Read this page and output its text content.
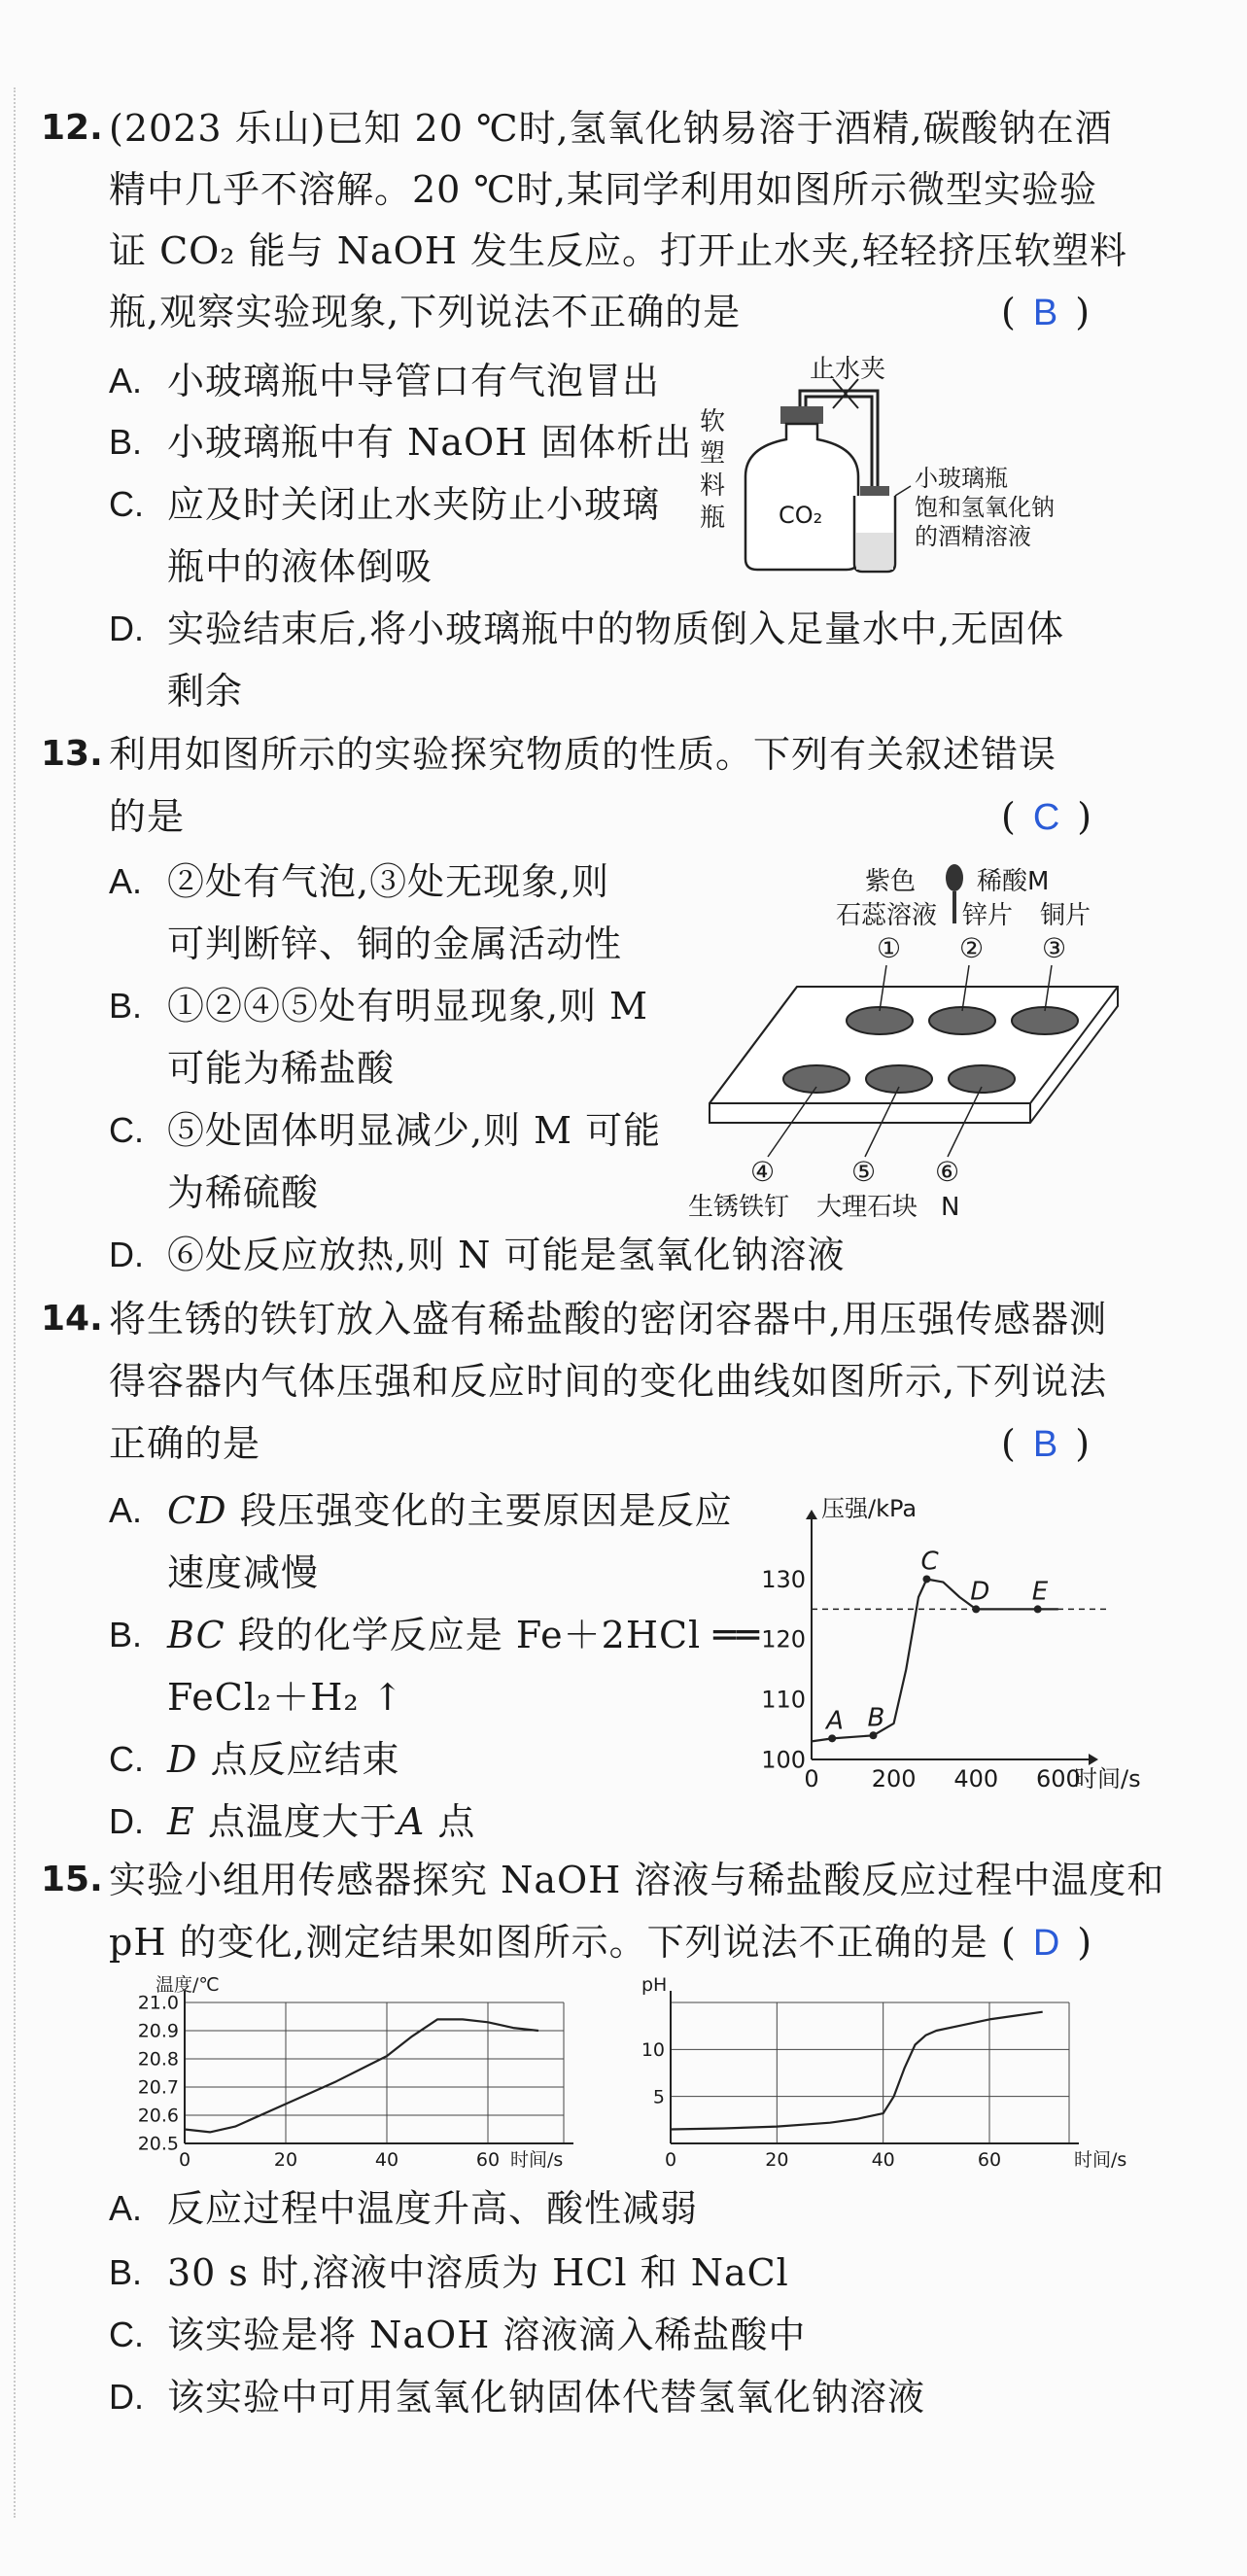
12. (2023 乐山)已知 20 ℃时,氢氧化钠易溶于酒精,碳酸钠在酒
精中几乎不溶解。20 ℃时,某同学利用如图所示微型实验验
证 CO₂ 能与 NaOH 发生反应。打开止水夹,轻轻挤压软塑料
瓶,观察实验现象,下列说法不正确的是	( B )
A. 小玻璃瓶中导管口有气泡冒出
B. 小玻璃瓶中有 NaOH 固体析出
C. 应及时关闭止水夹防止小玻璃
瓶中的液体倒吸
D. 实验结束后,将小玻璃瓶中的物质倒入足量水中,无固体
剩余
止水夹
CO₂
软
塑
料
瓶
小玻璃瓶
饱和氢氧化钠
的酒精溶液
13. 利用如图所示的实验探究物质的性质。下列有关叙述错误
的是	( C )
A. ②处有气泡,③处无现象,则
可判断锌、铜的金属活动性
B. ①②④⑤处有明显现象,则 M
可能为稀盐酸
C. ⑤处固体明显减少,则 M 可能
为稀硫酸
D. ⑥处反应放热,则 N 可能是氢氧化钠溶液
紫色
石蕊溶液
稀酸M
锌片 铜片
① ② ③
④	⑤ ⑥
生锈铁钉 大理石块 N
14. 将生锈的铁钉放入盛有稀盐酸的密闭容器中,用压强传感器测
得容器内气体压强和反应时间的变化曲线如图所示,下列说法
正确的是	( B )
A. CD 段压强变化的主要原因是反应
速度减慢
B. BC 段的化学反应是 Fe＋2HCl ══
FeCl₂＋H₂ ↑
C. D 点反应结束
D. E 点温度大于A 点
0 200 400 600
100
110
120
130
压强/kPa
时间/s
A B
C
D E
15. 实验小组用传感器探究 NaOH 溶液与稀盐酸反应过程中温度和
pH 的变化,测定结果如图所示。下列说法不正确的是 ( D )
0	20	40	60
20.5
20.6
20.7
20.8
20.9
21.0
温度/℃
时间/s	0	20	40	60
5
10
pH
时间/s
A. 反应过程中温度升高、酸性减弱
B. 30 s 时,溶液中溶质为 HCl 和 NaCl
C. 该实验是将 NaOH 溶液滴入稀盐酸中
D. 该实验中可用氢氧化钠固体代替氢氧化钠溶液
